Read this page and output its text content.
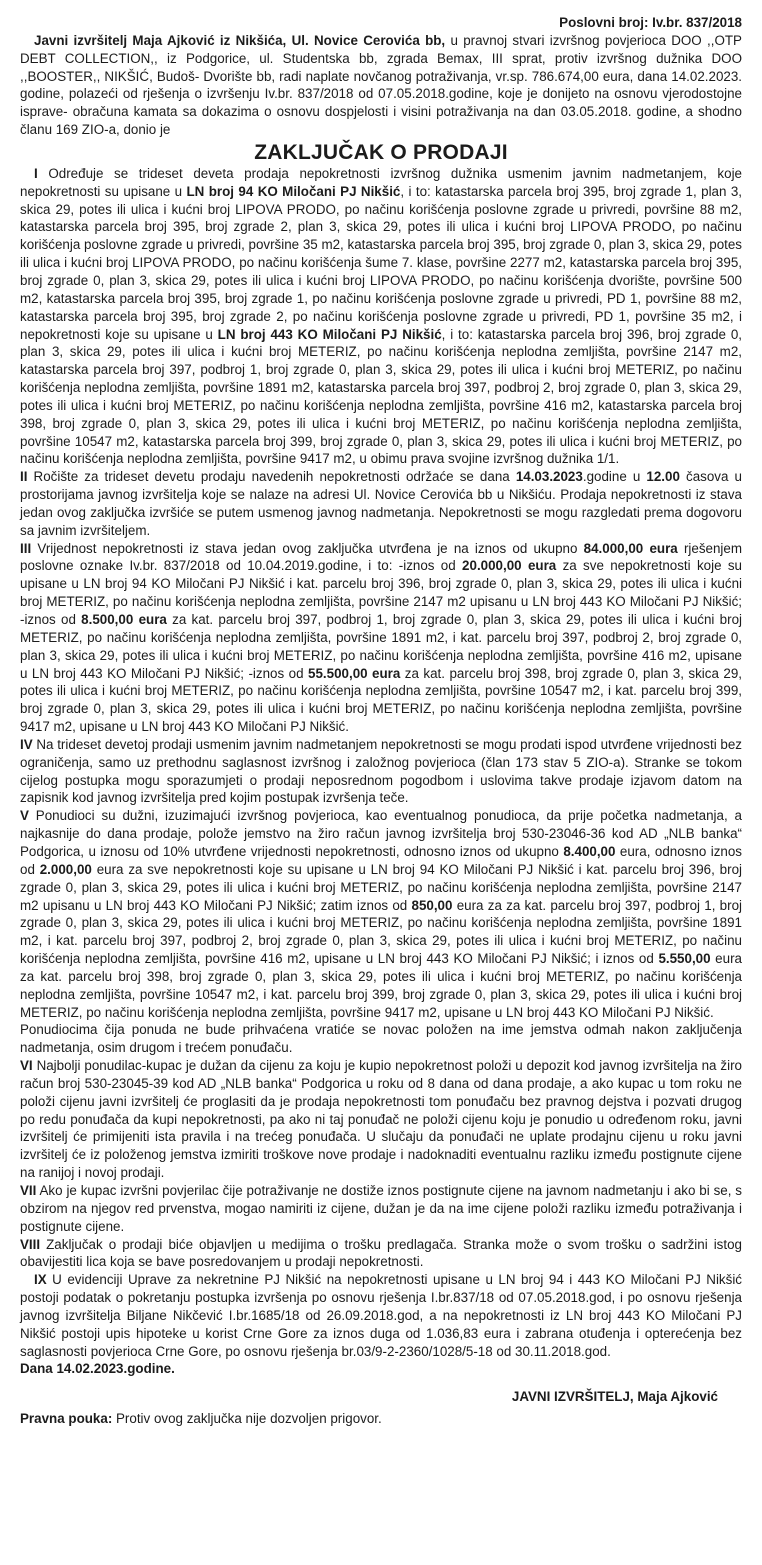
Poslovni broj: Iv.br. 837/2018

Javni izvršitelj Maja Ajković iz Nikšića, Ul. Novice Cerovića bb, u pravnoj stvari izvršnog povjerioca DOO ,,OTP DEBT COLLECTION,, iz Podgorice, ul. Studentska bb, zgrada Bemax, III sprat, protiv izvršnog dužnika DOO ,,BOOSTER,, NIKŠIĆ, Budoš- Dvorište bb, radi naplate novčanog potraživanja, vr.sp. 786.674,00 eura, dana 14.02.2023. godine, polazeći od rješenja o izvršenju Iv.br. 837/2018 od 07.05.2018.godine, koje je donijeto na osnovu vjerodostojne isprave- obračuna kamata sa dokazima o osnovu dospjelosti i visini potraživanja na dan 03.05.2018. godine, a shodno članu 169 ZIO-a, donio je

ZAKLJUČAK O PRODAJI

I Određuje se trideset deveta prodaja nepokretnosti izvršnog dužnika usmenim javnim nadmetanjem, koje nepokretnosti su upisane u LN broj 94 KO Miločani PJ Nikšić, i to: katastarska parcela broj 395, broj zgrade 1, plan 3, skica 29, potes ili ulica i kućni broj LIPOVA PRODO, po načinu korišćenja poslovne zgrade u privredi, površine 88 m2, katastarska parcela broj 395, broj zgrade 2, plan 3, skica 29, potes ili ulica i kućni broj LIPOVA PRODO, po načinu korišćenja poslovne zgrade u privredi, površine 35 m2, katastarska parcela broj 395, broj zgrade 0, plan 3, skica 29, potes ili ulica i kućni broj LIPOVA PRODO, po načinu korišćenja šume 7. klase, površine 2277 m2, katastarska parcela broj 395, broj zgrade 0, plan 3, skica 29, potes ili ulica i kućni broj LIPOVA PRODO, po načinu korišćenja dvorište, površine 500 m2, katastarska parcela broj 395, broj zgrade 1, po načinu korišćenja poslovne zgrade u privredi, PD 1, površine 88 m2, katastarska parcela broj 395, broj zgrade 2, po načinu korišćenja poslovne zgrade u privredi, PD 1, površine 35 m2, i nepokretnosti koje su upisane u LN broj 443 KO Miločani PJ Nikšić, i to: katastarska parcela broj 396, broj zgrade 0, plan 3, skica 29, potes ili ulica i kućni broj METERIZ, po načinu korišćenja neplodna zemljišta, površine 2147 m2, katastarska parcela broj 397, podbroj 1, broj zgrade 0, plan 3, skica 29, potes ili ulica i kućni broj METERIZ, po načinu korišćenja neplodna zemljišta, površine 1891 m2, katastarska parcela broj 397, podbroj 2, broj zgrade 0, plan 3, skica 29, potes ili ulica i kućni broj METERIZ, po načinu korišćenja neplodna zemljišta, površine 416 m2, katastarska parcela broj 398, broj zgrade 0, plan 3, skica 29, potes ili ulica i kućni broj METERIZ, po načinu korišćenja neplodna zemljišta, površine 10547 m2, katastarska parcela broj 399, broj zgrade 0, plan 3, skica 29, potes ili ulica i kućni broj METERIZ, po načinu korišćenja neplodna zemljišta, površine 9417 m2, u obimu prava svojine izvršnog dužnika 1/1.

II Ročište za trideset devetu prodaju navedenih nepokretnosti održaće se dana 14.03.2023.godine u 12.00 časova u prostorijama javnog izvršitelja koje se nalaze na adresi Ul. Novice Cerovića bb u Nikšiću. Prodaja nepokretnosti iz stava jedan ovog zaključka izvršiće se putem usmenog javnog nadmetanja. Nepokretnosti se mogu razgledati prema dogovoru sa javnim izvršiteljem.

III Vrijednost nepokretnosti iz stava jedan ovog zaključka utvrđena je na iznos od ukupno 84.000,00 eura rješenjem poslovne oznake Iv.br. 837/2018 od 10.04.2019.godine, i to: -iznos od 20.000,00 eura za sve nepokretnosti koje su upisane u LN broj 94 KO Miločani PJ Nikšić i kat. parcelu broj 396, broj zgrade 0, plan 3, skica 29, potes ili ulica i kućni broj METERIZ, po načinu korišćenja neplodna zemljišta, površine 2147 m2 upisanu u LN broj 443 KO Miločani PJ Nikšić; -iznos od 8.500,00 eura za kat. parcelu broj 397, podbroj 1, broj zgrade 0, plan 3, skica 29, potes ili ulica i kućni broj METERIZ, po načinu korišćenja neplodna zemljišta, površine 1891 m2, i kat. parcelu broj 397, podbroj 2, broj zgrade 0, plan 3, skica 29, potes ili ulica i kućni broj METERIZ, po načinu korišćenja neplodna zemljišta, površine 416 m2, upisane u LN broj 443 KO Miločani PJ Nikšić; -iznos od 55.500,00 eura za kat. parcelu broj 398, broj zgrade 0, plan 3, skica 29, potes ili ulica i kućni broj METERIZ, po načinu korišćenja neplodna zemljišta, površine 10547 m2, i kat. parcelu broj 399, broj zgrade 0, plan 3, skica 29, potes ili ulica i kućni broj METERIZ, po načinu korišćenja neplodna zemljišta, površine 9417 m2, upisane u LN broj 443 KO Miločani PJ Nikšić.

IV Na trideset devetoj prodaji usmenim javnim nadmetanjem nepokretnosti se mogu prodati ispod utvrđene vrijednosti bez ograničenja, samo uz prethodnu saglasnost izvršnog i založnog povjerioca (član 173 stav 5 ZIO-a). Stranke se tokom cijelog postupka mogu sporazumjeti o prodaji neposrednom pogodbom i uslovima takve prodaje izjavom datom na zapisnik kod javnog izvršitelja pred kojim postupak izvršenja teče.

V Ponudioci su dužni, izuzimajući izvršnog povjerioca, kao eventualnog ponudioca, da prije početka nadmetanja, a najkasnije do dana prodaje, polože jemstvo na žiro račun javnog izvršitelja broj 530-23046-36 kod AD „NLB banka“ Podgorica, u iznosu od 10% utvrđene vrijednosti nepokretnosti, odnosno iznos od ukupno 8.400,00 eura, odnosno iznos od 2.000,00 eura za sve nepokretnosti koje su upisane u LN broj 94 KO Miločani PJ Nikšić i kat. parcelu broj 396, broj zgrade 0, plan 3, skica 29, potes ili ulica i kućni broj METERIZ, po načinu korišćenja neplodna zemljišta, površine 2147 m2 upisanu u LN broj 443 KO Miločani PJ Nikšić; zatim iznos od 850,00 eura za za kat. parcelu broj 397, podbroj 1, broj zgrade 0, plan 3, skica 29, potes ili ulica i kućni broj METERIZ, po načinu korišćenja neplodna zemljišta, površine 1891 m2, i kat. parcelu broj 397, podbroj 2, broj zgrade 0, plan 3, skica 29, potes ili ulica i kućni broj METERIZ, po načinu korišćenja neplodna zemljišta, površine 416 m2, upisane u LN broj 443 KO Miločani PJ Nikšić; i iznos od 5.550,00 eura za kat. parcelu broj 398, broj zgrade 0, plan 3, skica 29, potes ili ulica i kućni broj METERIZ, po načinu korišćenja neplodna zemljišta, površine 10547 m2, i kat. parcelu broj 399, broj zgrade 0, plan 3, skica 29, potes ili ulica i kućni broj METERIZ, po načinu korišćenja neplodna zemljišta, površine 9417 m2, upisane u LN broj 443 KO Miločani PJ Nikšić.

Ponudiocima čija ponuda ne bude prihvaćena vratiće se novac položen na ime jemstva odmah nakon zaključenja nadmetanja, osim drugom i trećem ponuđaču.

VI Najbolji ponudilac-kupac je dužan da cijenu za koju je kupio nepokretnost položi u depozit kod javnog izvršitelja na žiro račun broj 530-23045-39 kod AD „NLB banka“ Podgorica u roku od 8 dana od dana prodaje, a ako kupac u tom roku ne položi cijenu javni izvršitelj će proglasiti da je prodaja nepokretnosti tom ponuđaču bez pravnog dejstva i pozvati drugog po redu ponuđača da kupi nepokretnosti, pa ako ni taj ponuđač ne položi cijenu koju je ponudio u određenom roku, javni izvršitelj će primijeniti ista pravila i na trećeg ponuđača. U slučaju da ponuđači ne uplate prodajnu cijenu u roku javni izvršitelj će iz položenog jemstva izmiriti troškove nove prodaje i nadoknaditi eventualnu razliku između postignute cijene na ranijoj i novoj prodaji.

VII Ako je kupac izvršni povjerilac čije potraživanje ne dostiže iznos postignute cijene na javnom nadmetanju i ako bi se, s obzirom na njegov red prvenstva, mogao namiriti iz cijene, dužan je da na ime cijene položi razliku između potraživanja i postignute cijene.

VIII Zaključak o prodaji biće objavljen u medijima o trošku predlagača. Stranka može o svom trošku o sadržini istog obavijestiti lica koja se bave posredovanjem u prodaji nepokretnosti.

IX U evidenciji Uprave za nekretnine PJ Nikšić na nepokretnosti upisane u LN broj 94 i 443 KO Miločani PJ Nikšić postoji podatak o pokretanju postupka izvršenja po osnovu rješenja I.br.837/18 od 07.05.2018.god, i po osnovu rješenja javnog izvršitelja Biljane Nikčević I.br.1685/18 od 26.09.2018.god, a na nepokretnosti iz LN broj 443 KO Miločani PJ Nikšić postoji upis hipoteke u korist Crne Gore za iznos duga od 1.036,83 eura i zabrana otuđenja i opterećenja bez saglasnosti povjerioca Crne Gore, po osnovu rješenja br.03/9-2-2360/1028/5-18 od 30.11.2018.god.

Dana 14.02.2023.godine.

JAVNI IZVRŠITELJ, Maja Ajković

Pravna pouka: Protiv ovog zaključka nije dozvoljen prigovor.
